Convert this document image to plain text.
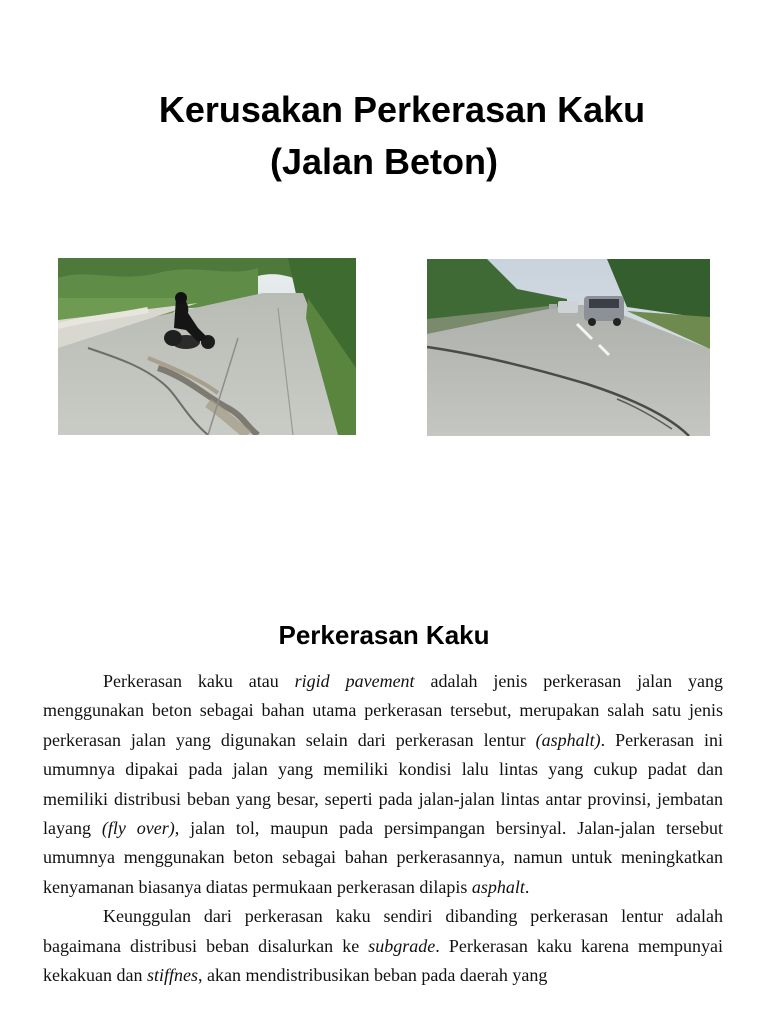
Kerusakan Perkerasan Kaku
(Jalan Beton)
Perkerasan Kaku

Perkerasan kaku atau rigid pavement adalah jenis perkerasan jalan yang menggunakan beton sebagai bahan utama perkerasan tersebut, merupakan salah satu jenis perkerasan jalan yang digunakan selain dari perkerasan lentur (asphalt). Perkerasan ini umumnya dipakai pada jalan yang memiliki kondisi lalu lintas yang cukup padat dan memiliki distribusi beban yang besar, seperti pada jalan-jalan lintas antar provinsi, jembatan layang (fly over), jalan tol, maupun pada persimpangan bersinyal. Jalan-jalan tersebut umumnya menggunakan beton sebagai bahan perkerasannya, namun untuk meningkatkan kenyamanan biasanya diatas permukaan perkerasan dilapis asphalt.

Keunggulan dari perkerasan kaku sendiri dibanding perkerasan lentur adalah bagaimana distribusi beban disalurkan ke subgrade. Perkerasan kaku karena mempunyai kekakuan dan stiffnes, akan mendistribusikan beban pada daerah yang
